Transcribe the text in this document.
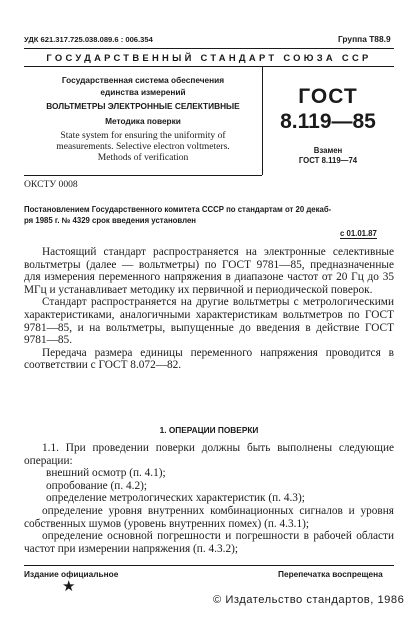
УДК 621.317.725.038.089.6 : 006.354	Группа Т88.9
ГОСУДАРСТВЕННЫЙ СТАНДАРТ СОЮЗА ССР
Государственная система обеспечения
единства измерений
ВОЛЬТМЕТРЫ ЭЛЕКТРОННЫЕ СЕЛЕКТИВНЫЕ
Методика поверки
State system for ensuring the uniformity of
measurements. Selective electron voltmeters.
Methods of verification
ГОСТ
8.119—85
Взамен
ГОСТ 8.119—74
ОКСТУ 0008
Постановлением Государственного комитета СССР по стандартам от 20 декаб-
ря 1985 г. № 4329 срок введения установлен
с 01.01.87

Настоящий стандарт распространяется на электронные селективные вольтметры (далее — вольтметры) по ГОСТ 9781—85, предназначенные для измерения переменного напряжения в диапазоне частот от 20 Гц до 35 МГц и устанавливает методику их первичной и периодической поверок.

Стандарт распространяется на другие вольтметры с метрологическими характеристиками, аналогичными характеристикам вольтметров по ГОСТ 9781—85, и на вольтметры, выпущенные до введения в действие ГОСТ 9781—85.

Передача размера единицы переменного напряжения проводится в соответствии с ГОСТ 8.072—82.

1. ОПЕРАЦИИ ПОВЕРКИ

1.1. При проведении поверки должны быть выполнены следующие операции:

внешний осмотр (п. 4.1);

опробование (п. 4.2);

определение метрологических характеристик (п. 4.3);

определение уровня внутренних комбинационных сигналов и уровня собственных шумов (уровень внутренних помех) (п. 4.3.1);

определение основной погрешности и погрешности в рабочей области частот при измерении напряжения (п. 4.3.2);

Издание официальное	Перепечатка воспрещена
★
© Издательство стандартов, 1986
